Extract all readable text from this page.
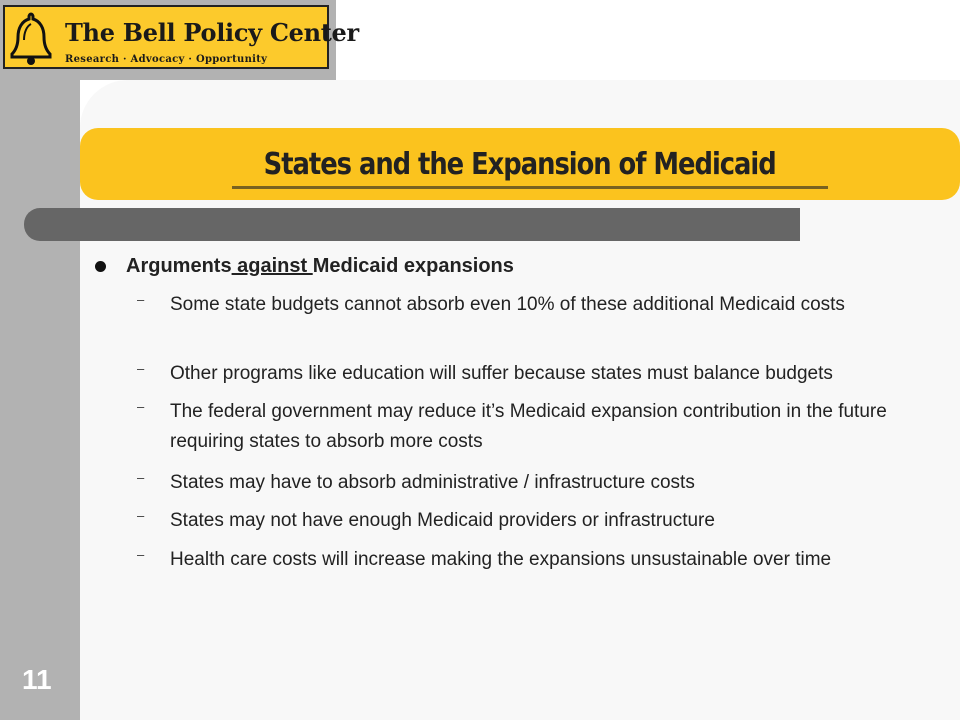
The Bell Policy Center
Research · Advocacy · Opportunity
States and the Expansion of Medicaid
Arguments against Medicaid expansions
– Some state budgets cannot absorb even 10% of these additional Medicaid costs
– Other programs like education will suffer because states must balance budgets
– The federal government may reduce it’s Medicaid expansion contribution in the future requiring states to absorb more costs
– States may have to absorb administrative / infrastructure costs
– States may not have enough Medicaid providers or infrastructure
– Health care costs will increase making the expansions unsustainable over time
11
